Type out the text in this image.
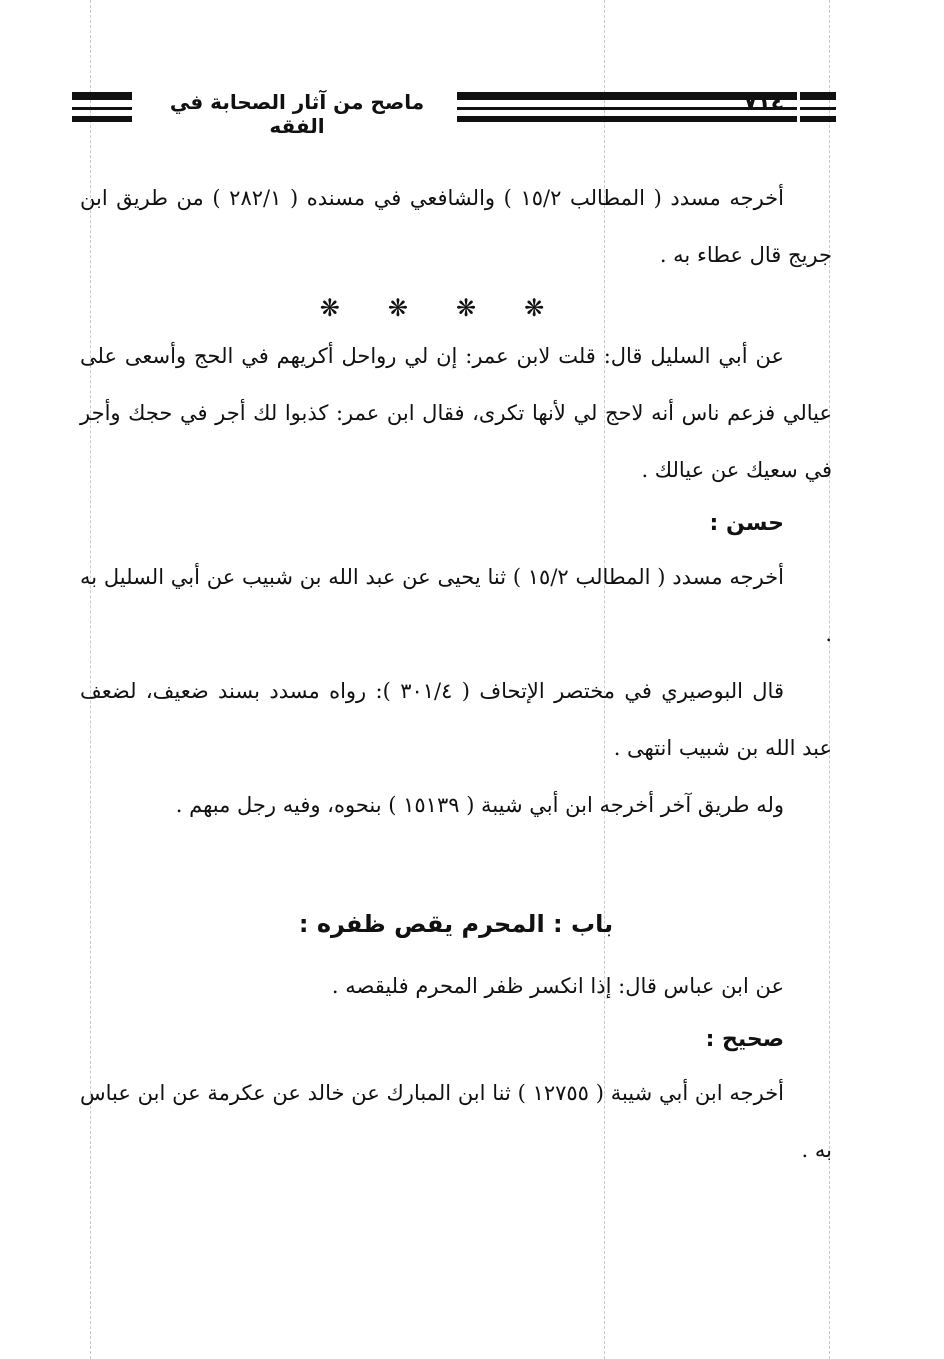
ماصح من آثار الصحابة في الفقه
٧١٤

أخرجه مسدد ( المطالب ١٥/٢ ) والشافعي في مسنده ( ٢٨٢/١ ) من طريق ابن جريج قال عطاء به .

❋❋❋❋

عن أبي السليل قال: قلت لابن عمر: إن لي رواحل أكريهم في الحج وأسعى على عيالي فزعم ناس أنه لاحج لي لأنها تكرى، فقال ابن عمر: كذبوا لك أجر في حجك وأجر في سعيك عن عيالك .

حسن :

أخرجه مسدد ( المطالب ١٥/٢ ) ثنا يحيى عن عبد الله بن شبيب عن أبي السليل به .

قال البوصيري في مختصر الإتحاف ( ٣٠١/٤ ): رواه مسدد بسند ضعيف، لضعف عبد الله بن شبيب انتهى .

وله طريق آخر أخرجه ابن أبي شيبة ( ١٥١٣٩ ) بنحوه، وفيه رجل مبهم .

باب : المحرم يقص ظفره :

عن ابن عباس قال: إذا انكسر ظفر المحرم فليقصه .

صحيح :

أخرجه ابن أبي شيبة ( ١٢٧٥٥ ) ثنا ابن المبارك عن خالد عن عكرمة عن ابن عباس به .
